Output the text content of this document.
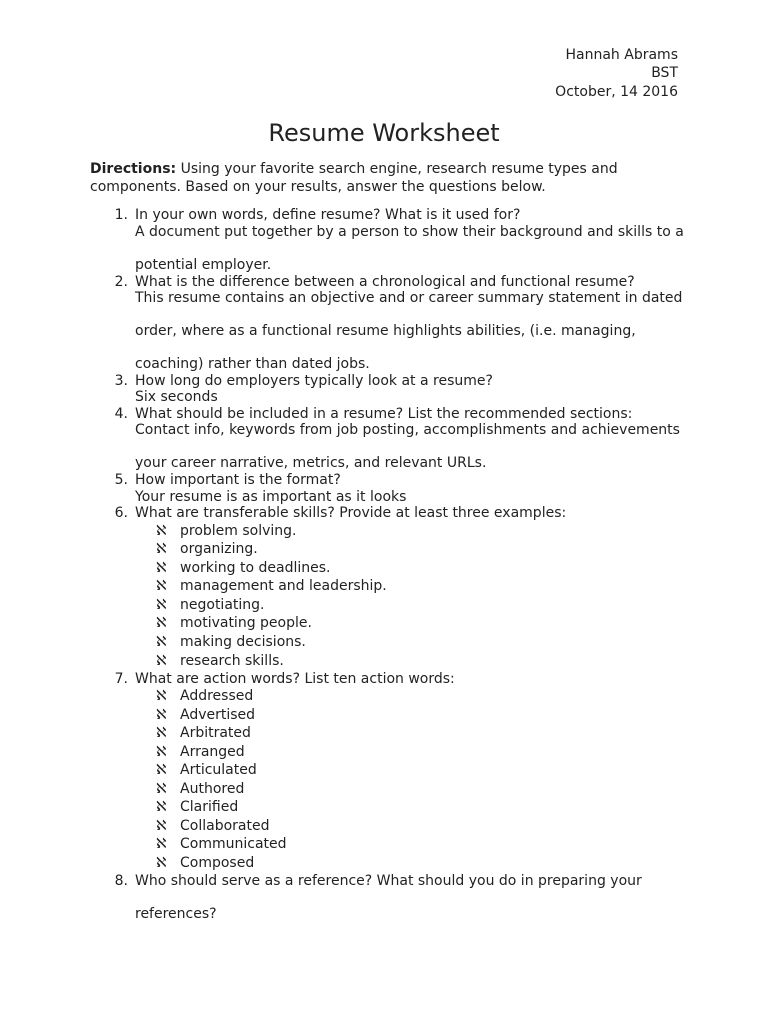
Hannah Abrams
BST
October, 14 2016
Resume Worksheet
Directions: Using your favorite search engine, research resume types and components. Based on your results, answer the questions below.
1. In your own words, define resume? What is it used for?
A document put together by a person to show their background and skills to a
potential employer.
2. What is the difference between a chronological and functional resume?
This resume contains an objective and or career summary statement in dated
order, where as a functional resume highlights abilities, (i.e. managing,
coaching) rather than dated jobs.
3. How long do employers typically look at a resume?
Six seconds
4. What should be included in a resume? List the recommended sections:
Contact info, keywords from job posting, accomplishments and achievements
your career narrative, metrics, and relevant URLs.
5. How important is the format?
Your resume is as important as it looks
6. What are transferable skills? Provide at least three examples:
ℵ problem solving.
ℵ organizing.
ℵ working to deadlines.
ℵ management and leadership.
ℵ negotiating.
ℵ motivating people.
ℵ making decisions.
ℵ research skills.
7. What are action words? List ten action words:
ℵ Addressed
ℵ Advertised
ℵ Arbitrated
ℵ Arranged
ℵ Articulated
ℵ Authored
ℵ Clarified
ℵ Collaborated
ℵ Communicated
ℵ Composed
8. Who should serve as a reference? What should you do in preparing your
references?
